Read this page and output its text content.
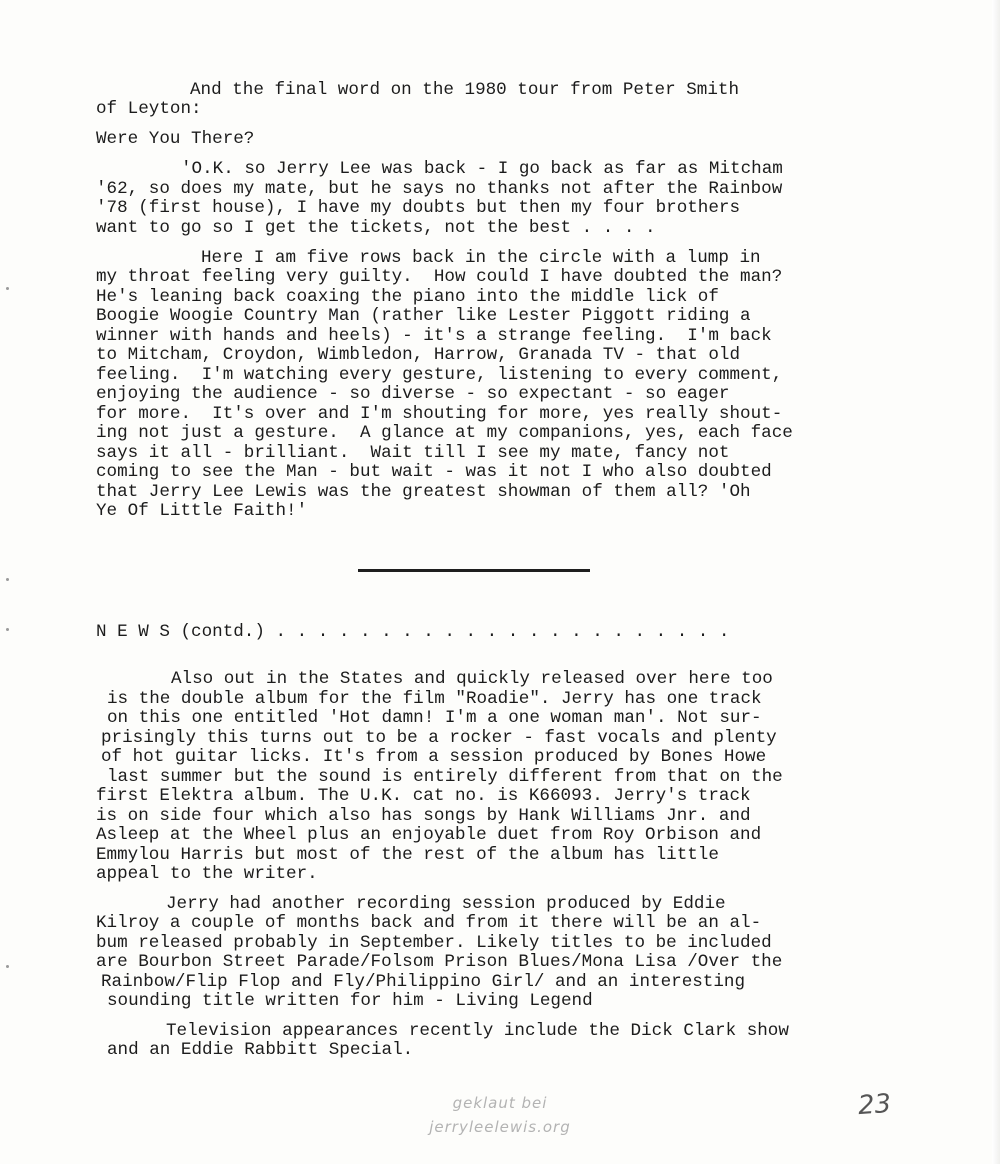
And the final word on the 1980 tour from Peter Smith
of Leyton:
Were You There?
'O.K. so Jerry Lee was back - I go back as far as Mitcham
'62, so does my mate, but he says no thanks not after the Rainbow
'78 (first house), I have my doubts but then my four brothers
want to go so I get the tickets, not the best . . . .
Here I am five rows back in the circle with a lump in
my throat feeling very guilty.  How could I have doubted the man?
He's leaning back coaxing the piano into the middle lick of
Boogie Woogie Country Man (rather like Lester Piggott riding a
winner with hands and heels) - it's a strange feeling.  I'm back
to Mitcham, Croydon, Wimbledon, Harrow, Granada TV - that old
feeling.  I'm watching every gesture, listening to every comment,
enjoying the audience - so diverse - so expectant - so eager
for more.  It's over and I'm shouting for more, yes really shout-
ing not just a gesture.  A glance at my companions, yes, each face
says it all - brilliant.  Wait till I see my mate, fancy not
coming to see the Man - but wait - was it not I who also doubted
that Jerry Lee Lewis was the greatest showman of them all? 'Oh
Ye Of Little Faith!'
N E W S (contd.) . . . . . . . . . . . . . . . . . . . . . .
Also out in the States and quickly released over here too
is the double album for the film "Roadie". Jerry has one track
on this one entitled 'Hot damn! I'm a one woman man'. Not sur-
prisingly this turns out to be a rocker - fast vocals and plenty
of hot guitar licks. It's from a session produced by Bones Howe
last summer but the sound is entirely different from that on the
first Elektra album. The U.K. cat no. is K66093. Jerry's track
is on side four which also has songs by Hank Williams Jnr. and
Asleep at the Wheel plus an enjoyable duet from Roy Orbison and
Emmylou Harris but most of the rest of the album has little
appeal to the writer.
Jerry had another recording session produced by Eddie
Kilroy a couple of months back and from it there will be an al-
bum released probably in September. Likely titles to be included
are Bourbon Street Parade/Folsom Prison Blues/Mona Lisa /Over the
Rainbow/Flip Flop and Fly/Philippino Girl/ and an interesting
sounding title written for him - Living Legend
Television appearances recently include the Dick Clark show
and an Eddie Rabbitt Special.
geklaut bei
jerryleelewis.org
23
